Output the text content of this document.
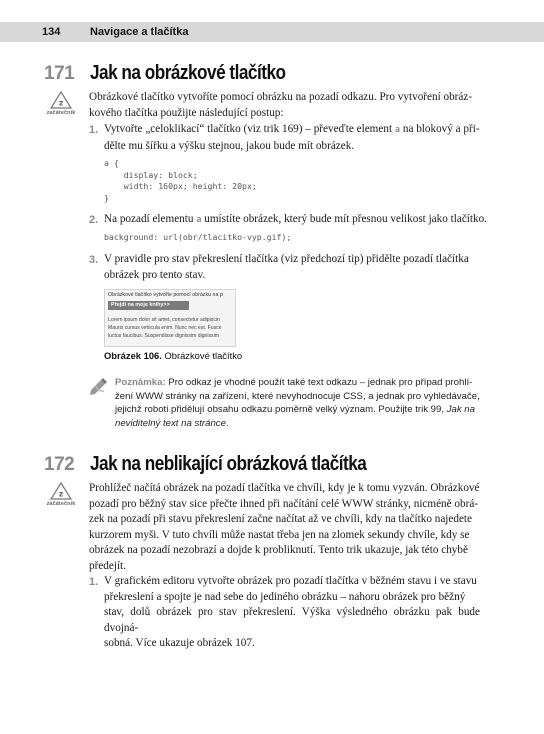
134	Navigace a tlačítka
171 Jak na obrázkové tlačítko
z
začátečník

Obrázkové tlačítko vytvoříte pomocí obrázku na pozadí odkazu. Pro vytvoření obráz-

kového tlačítka použijte následující postup:

1. Vytvořte „celoklikací“ tlačítko (viz trik 169) – převeďte element a na blokový a při-

dělte mu šířku a výšku stejnou, jakou bude mít obrázek.

a {
display: block;
width: 160px; height: 20px;
}
2. Na pozadí elementu a umístíte obrázek, který bude mít přesnou velikost jako tlačítko.

background: url(obr/tlacitko-vyp.gif);
3. V pravidle pro stav překreslení tlačítka (viz předchozí tip) přidělte pozadí tlačítka

obrázek pro tento stav.

Obrázkové tlačítko vytvořte pomocí obrázku na p
Přejdi na moje knihy>>
Lorem ipsum dolor sit amet, consectetur adipiscin
Mauris cursus vehicula enim. Nunc nec est. Fusce
luctus faucibus. Suspendisse dignissim dignissim
Obrázek 106. Obrázkové tlačítko
Poznámka: Pro odkaz je vhodné použít také text odkazu – jednak pro případ prohlí-
žení WWW stránky na zařízení, které nevyhodnocuje CSS, a jednak pro vyhledávače,
jejichž roboti přidělují obsahu odkazu poměrně velký význam. Použijte trik 99, Jak na
neviditelný text na stránce.
172 Jak na neblikající obrázková tlačítka
z
začátečník

Prohlížeč načítá obrázek na pozadí tlačítka ve chvíli, kdy je k tomu vyzván. Obrázkové

pozadí pro běžný stav sice přečte ihned při načítání celé WWW stránky, nicméně obrá-

zek na pozadí při stavu překreslení začne načítat až ve chvíli, kdy na tlačítko najedete

kurzorem myši. V tuto chvíli může nastat třeba jen na zlomek sekundy chvíle, kdy se

obrázek na pozadí nezobrazí a dojde k probliknutí. Tento trik ukazuje, jak této chybě

předejít.

1. V grafickém editoru vytvořte obrázek pro pozadí tlačítka v běžném stavu i ve stavu

překreslení a spojte je nad sebe do jediného obrázku – nahoru obrázek pro běžný

stav, dolů obrázek pro stav překreslení. Výška výsledného obrázku pak bude dvojná-

sobná. Více ukazuje obrázek 107.
